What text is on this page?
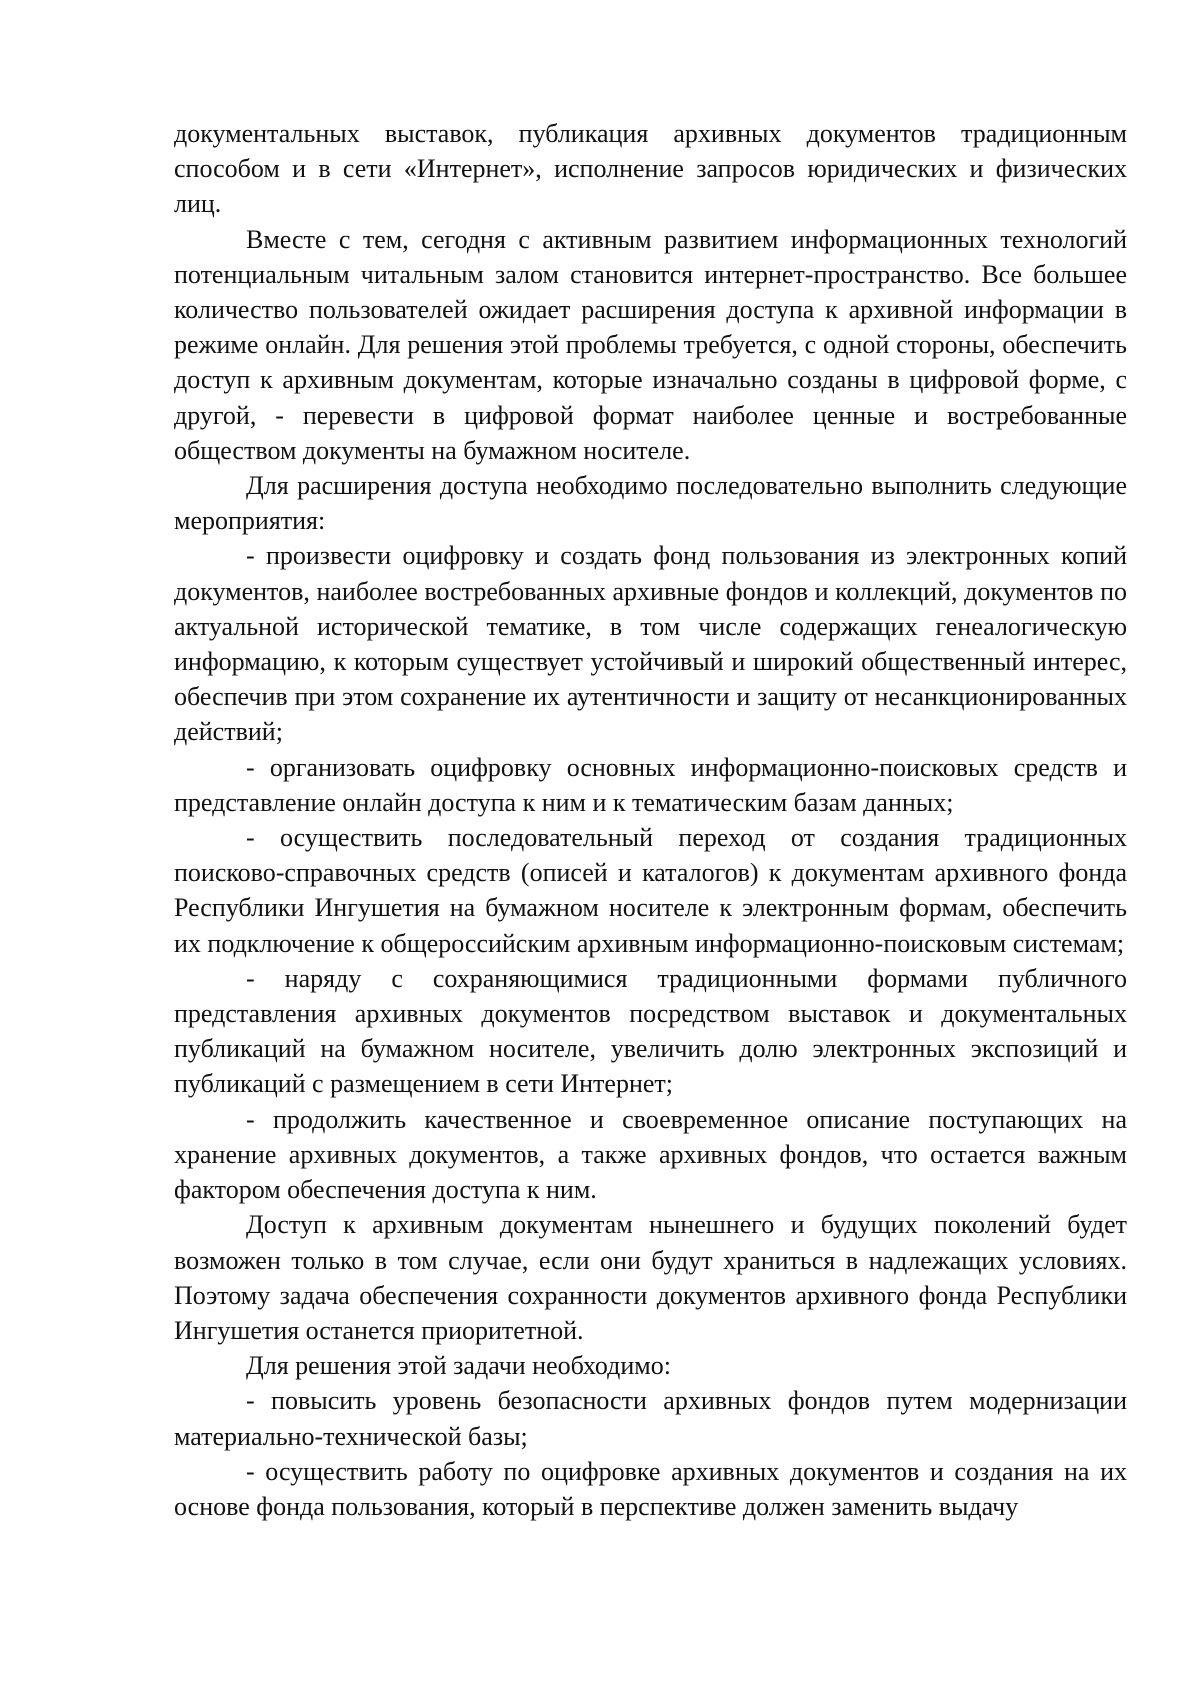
документальных выставок, публикация архивных документов традиционным способом и в сети «Интернет», исполнение запросов юридических и физических лиц.

Вместе с тем, сегодня с активным развитием информационных технологий потенциальным читальным залом становится интернет-пространство. Все большее количество пользователей ожидает расширения доступа к архивной информации в режиме онлайн. Для решения этой проблемы требуется, с одной стороны, обеспечить доступ к архивным документам, которые изначально созданы в цифровой форме, с другой, - перевести в цифровой формат наиболее ценные и востребованные обществом документы на бумажном носителе.

Для расширения доступа необходимо последовательно выполнить следующие мероприятия:

- произвести оцифровку и создать фонд пользования из электронных копий документов, наиболее востребованных архивные фондов и коллекций, документов по актуальной исторической тематике, в том числе содержащих генеалогическую информацию, к которым существует устойчивый и широкий общественный интерес, обеспечив при этом сохранение их аутентичности и защиту от несанкционированных действий;

- организовать оцифровку основных информационно-поисковых средств и представление онлайн доступа к ним и к тематическим базам данных;

- осуществить последовательный переход от создания традиционных поисково-справочных средств (описей и каталогов) к документам архивного фонда Республики Ингушетия на бумажном носителе к электронным формам, обеспечить их подключение к общероссийским архивным информационно-поисковым системам;

- наряду с сохраняющимися традиционными формами публичного представления архивных документов посредством выставок и документальных публикаций на бумажном носителе, увеличить долю электронных экспозиций и публикаций с размещением в сети Интернет;

- продолжить качественное и своевременное описание поступающих на хранение архивных документов, а также архивных фондов, что остается важным фактором обеспечения доступа к ним.

Доступ к архивным документам нынешнего и будущих поколений будет возможен только в том случае, если они будут храниться в надлежащих условиях. Поэтому задача обеспечения сохранности документов архивного фонда Республики Ингушетия останется приоритетной.

Для решения этой задачи необходимо:

- повысить уровень безопасности архивных фондов путем модернизации материально-технической базы;

- осуществить работу по оцифровке архивных документов и создания на их основе фонда пользования, который в перспективе должен заменить выдачу
